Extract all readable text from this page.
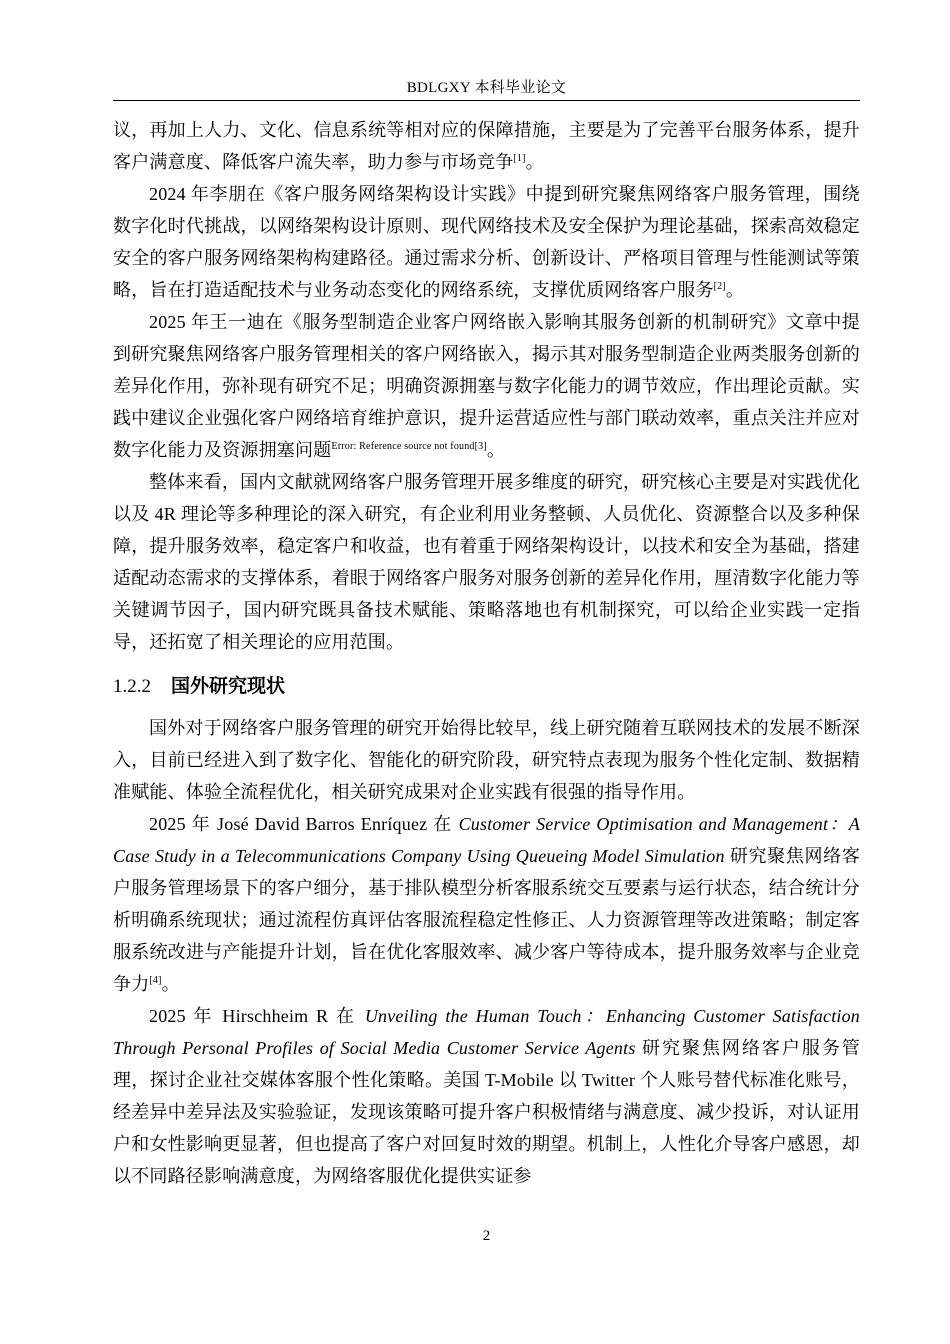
BDLGXY 本科毕业论文

议，再加上人力、文化、信息系统等相对应的保障措施，主要是为了完善平台服务体系，提升客户满意度、降低客户流失率，助力参与市场竞争[1]。

2024 年李朋在《客户服务网络架构设计实践》中提到研究聚焦网络客户服务管理，围绕数字化时代挑战，以网络架构设计原则、现代网络技术及安全保护为理论基础，探索高效稳定安全的客户服务网络架构构建路径。通过需求分析、创新设计、严格项目管理与性能测试等策略，旨在打造适配技术与业务动态变化的网络系统，支撑优质网络客户服务[2]。

2025 年王一迪在《服务型制造企业客户网络嵌入影响其服务创新的机制研究》文章中提到研究聚焦网络客户服务管理相关的客户网络嵌入，揭示其对服务型制造企业两类服务创新的差异化作用，弥补现有研究不足；明确资源拥塞与数字化能力的调节效应，作出理论贡献。实践中建议企业强化客户网络培育维护意识，提升运营适应性与部门联动效率，重点关注并应对数字化能力及资源拥塞问题$^{Error: Reference source not found[3]}$。

整体来看，国内文献就网络客户服务管理开展多维度的研究，研究核心主要是对实践优化以及 4R 理论等多种理论的深入研究，有企业利用业务整顿、人员优化、资源整合以及多种保障，提升服务效率，稳定客户和收益，也有着重于网络架构设计，以技术和安全为基础，搭建适配动态需求的支撑体系，着眼于网络客户服务对服务创新的差异化作用，厘清数字化能力等关键调节因子，国内研究既具备技术赋能、策略落地也有机制探究，可以给企业实践一定指导，还拓宽了相关理论的应用范围。

1.2.2 国外研究现状

国外对于网络客户服务管理的研究开始得比较早，线上研究随着互联网技术的发展不断深入，目前已经进入到了数字化、智能化的研究阶段，研究特点表现为服务个性化定制、数据精准赋能、体验全流程优化，相关研究成果对企业实践有很强的指导作用。

2025 年 José David Barros Enríquez 在 Customer Service Optimisation and Management：A Case Study in a Telecommunications Company Using Queueing Model Simulation 研究聚焦网络客户服务管理场景下的客户细分，基于排队模型分析客服系统交互要素与运行状态，结合统计分析明确系统现状；通过流程仿真评估客服流程稳定性修正、人力资源管理等改进策略；制定客服系统改进与产能提升计划，旨在优化客服效率、减少客户等待成本，提升服务效率与企业竞争力[4]。

2025 年 Hirschheim R 在 Unveiling the Human Touch：Enhancing Customer Satisfaction Through Personal Profiles of Social Media Customer Service Agents 研究聚焦网络客户服务管理，探讨企业社交媒体客服个性化策略。美国 T-Mobile 以 Twitter 个人账号替代标准化账号，经差异中差异法及实验验证，发现该策略可提升客户积极情绪与满意度、减少投诉，对认证用户和女性影响更显著，但也提高了客户对回复时效的期望。机制上，人性化介导客户感恩，却以不同路径影响满意度，为网络客服优化提供实证参

2
